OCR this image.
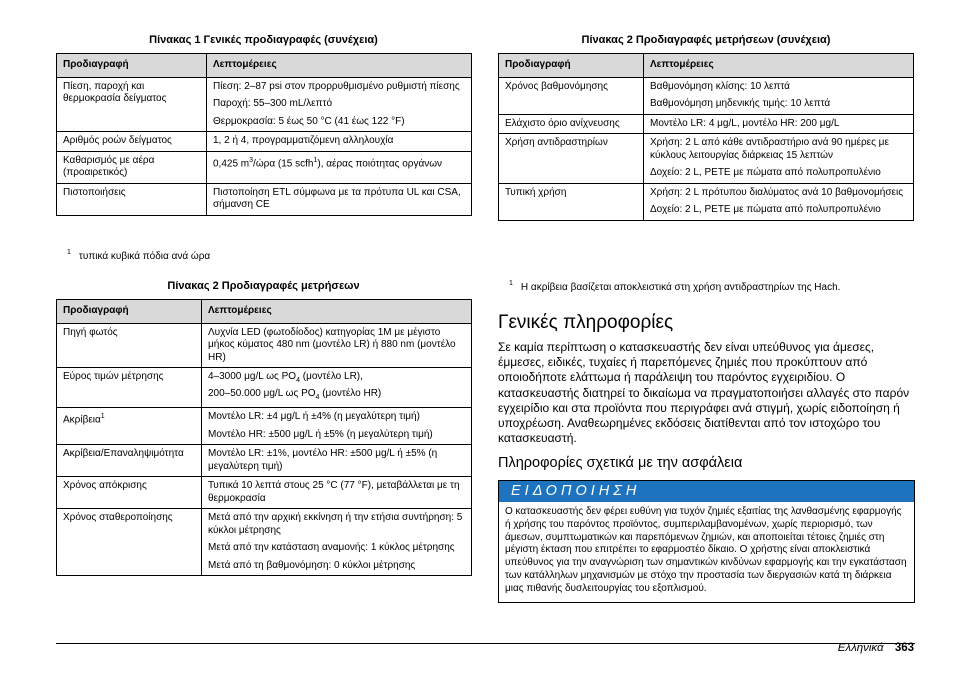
Πίνακας 1 Γενικές προδιαγραφές (συνέχεια)
Προδιαγραφή	Λεπτομέρειες
Πίεση, παροχή και θερμοκρασία δείγματος	Πίεση: 2–87 psi στον προρρυθμισμένο ρυθμιστή πίεσης

Παροχή: 55–300 mL/λεπτό

Θερμοκρασία: 5 έως 50 °C (41 έως 122 °F)

Αριθμός ροών δείγματος	1, 2 ή 4, προγραμματιζόμενη αλληλουχία
Καθαρισμός με αέρα (προαιρετικός)	0,425 $m^3$/ώρα (15 scfh$^1$), αέρας ποιότητας οργάνων
Πιστοποιήσεις	Πιστοποίηση ETL σύμφωνα με τα πρότυπα UL και CSA, σήμανση CE
$^1$ τυπικά κυβικά πόδια ανά ώρα
Πίνακας 2 Προδιαγραφές μετρήσεων
Προδιαγραφή	Λεπτομέρειες
Πηγή φωτός	Λυχνία LED (φωτοδίοδος) κατηγορίας 1M με μέγιστο μήκος κύματος 480 nm (μοντέλο LR) ή 880 nm (μοντέλο HR)
Εύρος τιμών μέτρησης	4–3000 μg/L ως $PO_4$ (μοντέλο LR),
200–50.000 μg/L ως $PO_4$ (μοντέλο HR)
Ακρίβεια$^1$	Μοντέλο LR: ±4 μg/L ή ±4% (η μεγαλύτερη τιμή)

Μοντέλο HR: ±500 μg/L ή ±5% (η μεγαλύτερη τιμή)

Ακρίβεια/Επαναληψιμότητα	Μοντέλο LR: ±1%, μοντέλο HR: ±500 μg/L ή ±5% (η μεγαλύτερη τιμή)
Χρόνος απόκρισης	Τυπικά 10 λεπτά στους 25 °C (77 °F), μεταβάλλεται με τη θερμοκρασία
Χρόνος σταθεροποίησης	Μετά από την αρχική εκκίνηση ή την ετήσια συντήρηση: 5 κύκλοι μέτρησης

Μετά από την κατάσταση αναμονής: 1 κύκλος μέτρησης

Μετά από τη βαθμονόμηση: 0 κύκλοι μέτρησης

Πίνακας 2 Προδιαγραφές μετρήσεων (συνέχεια)
Προδιαγραφή	Λεπτομέρειες
Χρόνος βαθμονόμησης	Βαθμονόμηση κλίσης: 10 λεπτά

Βαθμονόμηση μηδενικής τιμής: 10 λεπτά

Ελάχιστο όριο ανίχνευσης	Μοντέλο LR: 4 μg/L, μοντέλο HR: 200 μg/L
Χρήση αντιδραστηρίων	Χρήση: 2 L από κάθε αντιδραστήριο ανά 90 ημέρες με κύκλους λειτουργίας διάρκειας 15 λεπτών

Δοχείο: 2 L, PETE με πώματα από πολυπροπυλένιο

Τυπική χρήση	Χρήση: 2 L πρότυπου διαλύματος ανά 10 βαθμονομήσεις

Δοχείο: 2 L, PETE με πώματα από πολυπροπυλένιο

$^1$ Η ακρίβεια βασίζεται αποκλειστικά στη χρήση αντιδραστηρίων της Hach.
Γενικές πληροφορίες

Σε καμία περίπτωση ο κατασκευαστής δεν είναι υπεύθυνος για άμεσες, έμμεσες, ειδικές, τυχαίες ή παρεπόμενες ζημιές που προκύπτουν από οποιοδήποτε ελάττωμα ή παράλειψη του παρόντος εγχειριδίου. Ο κατασκευαστής διατηρεί το δικαίωμα να πραγματοποιήσει αλλαγές στο παρόν εγχειρίδιο και στα προϊόντα που περιγράφει ανά στιγμή, χωρίς ειδοποίηση ή υποχρέωση. Αναθεωρημένες εκδόσεις διατίθενται από τον ιστοχώρο του κατασκευαστή.

Πληροφορίες σχετικά με την ασφάλεια
ΕΙΔΟΠΟΙΗΣΗ
Ο κατασκευαστής δεν φέρει ευθύνη για τυχόν ζημιές εξαιτίας της λανθασμένης εφαρμογής ή χρήσης του παρόντος προϊόντος, συμπεριλαμβανομένων, χωρίς περιορισμό, των άμεσων, συμπτωματικών και παρεπόμενων ζημιών, και αποποιείται τέτοιες ζημιές στη μέγιστη έκταση που επιτρέπει το εφαρμοστέο δίκαιο. Ο χρήστης είναι αποκλειστικά υπεύθυνος για την αναγνώριση των σημαντικών κινδύνων εφαρμογής και την εγκατάσταση των κατάλληλων μηχανισμών με στόχο την προστασία των διεργασιών κατά τη διάρκεια μιας πιθανής δυσλειτουργίας του εξοπλισμού.
Ελληνικά 363
